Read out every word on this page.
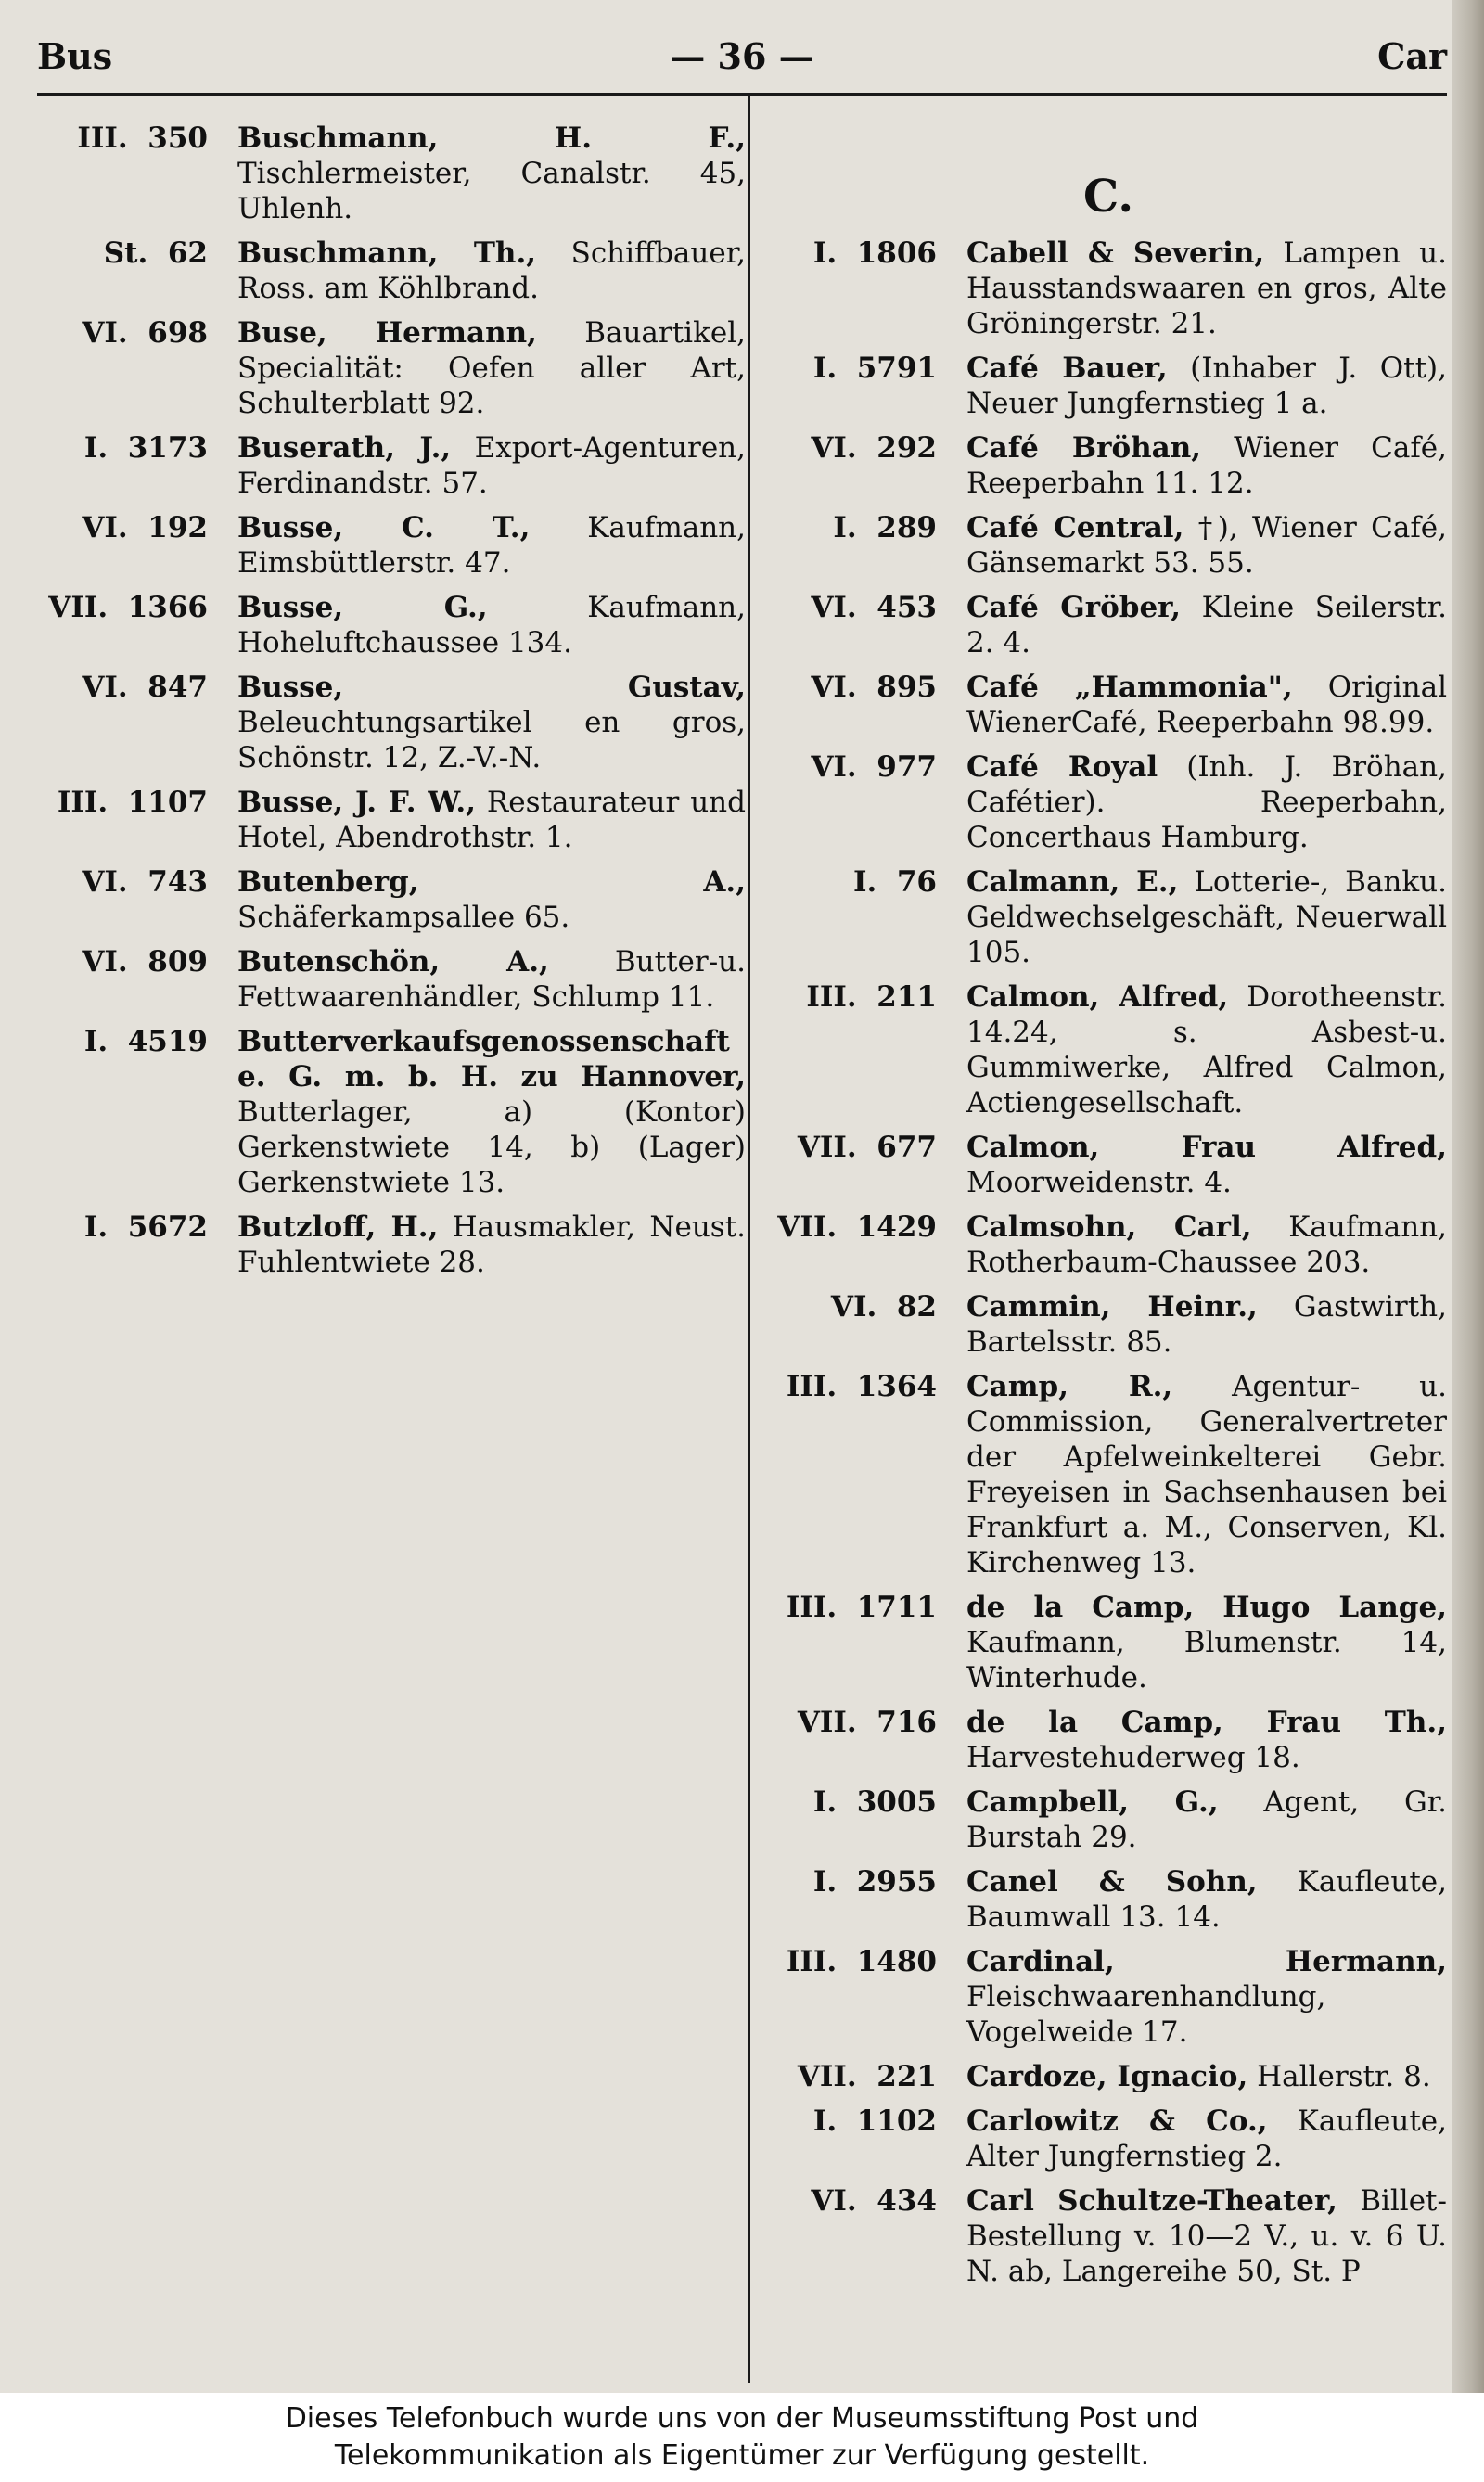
Bus	— 36 —	Car
III. 350 Buschmann, H. F., Tischlermeister, Canalstr. 45, Uhlenh.
St. 62 Buschmann, Th., Schiffbauer, Ross. am Köhlbrand.
VI. 698 Buse, Hermann, Bauartikel, Specialität: Oefen aller Art, Schulterblatt 92.
I. 3173 Buserath, J., Export-Agenturen, Ferdinandstr. 57.
VI. 192 Busse, C. T., Kaufmann, Eimsbüttlerstr. 47.
VII. 1366 Busse, G.,	Kaufmann, Hoheluftchaussee 134.
VI. 847 Busse, Gustav, Beleuchtungsartikel en gros, Schönstr. 12, Z.-V.-N.
III. 1107 Busse, J. F. W., Restaurateur und Hotel, Abendrothstr. 1.
VI. 743 Butenberg, A., Schäferkampsallee 65.
VI. 809 Butenschön, A., Butter-u. Fettwaarenhändler, Schlump 11.
I. 4519 Butterverkaufsgenossenschaft e. G. m. b. H. zu Hannover, Butterlager, a) (Kontor) Gerkenstwiete 14, b) (Lager) Gerkenstwiete 13.
I. 5672 Butzloff, H., Hausmakler, Neust. Fuhlentwiete 28.
C.
I. 1806 Cabell & Severin, Lampen u. Hausstandswaaren en gros, Alte Gröningerstr. 21.
I. 5791 Café Bauer, (Inhaber J. Ott), Neuer Jungfernstieg 1 a.
VI. 292 Café Bröhan, Wiener Café, Reeperbahn 11. 12.
I. 289 Café Central, †), Wiener Café, Gänsemarkt 53. 55.
VI. 453 Café Gröber, Kleine Seilerstr. 2. 4.
VI. 895 Café „Hammonia", Original WienerCafé, Reeperbahn 98.99.
VI. 977 Café Royal (Inh. J. Bröhan, Cafétier). Reeperbahn, Concerthaus Hamburg.
I. 76 Calmann, E., Lotterie-, Banku. Geldwechselgeschäft, Neuerwall 105.
III. 211 Calmon, Alfred, Dorotheenstr. 14.24, s. Asbest-u. Gummiwerke, Alfred Calmon, Actiengesellschaft.
VII. 677 Calmon, Frau Alfred, Moorweidenstr. 4.
VII. 1429 Calmsohn, Carl, Kaufmann, Rotherbaum-Chaussee 203.
VI. 82 Cammin, Heinr., Gastwirth, Bartelsstr. 85.
III. 1364 Camp, R., Agentur- u. Commission, Generalvertreter der Apfelweinkelterei Gebr. Freyeisen in Sachsenhausen bei Frankfurt a. M., Conserven, Kl. Kirchenweg 13.
III. 1711 de la Camp, Hugo Lange, Kaufmann, Blumenstr. 14, Winterhude.
VII. 716 de la Camp, Frau Th., Harvestehuderweg 18.
I. 3005 Campbell, G., Agent, Gr. Burstah 29.
I. 2955 Canel & Sohn, Kaufleute, Baumwall 13. 14.
III. 1480 Cardinal, Hermann, Fleischwaarenhandlung, Vogelweide 17.
VII. 221 Cardoze, Ignacio, Hallerstr. 8.
I. 1102 Carlowitz & Co., Kaufleute, Alter Jungfernstieg 2.
VI. 434 Carl Schultze-Theater, Billet-Bestellung v. 10—2 V., u. v. 6 U. N. ab, Langereihe 50, St. P
Dieses Telefonbuch wurde uns von der Museumsstiftung Post und
Telekommunikation als Eigentümer zur Verfügung gestellt.
